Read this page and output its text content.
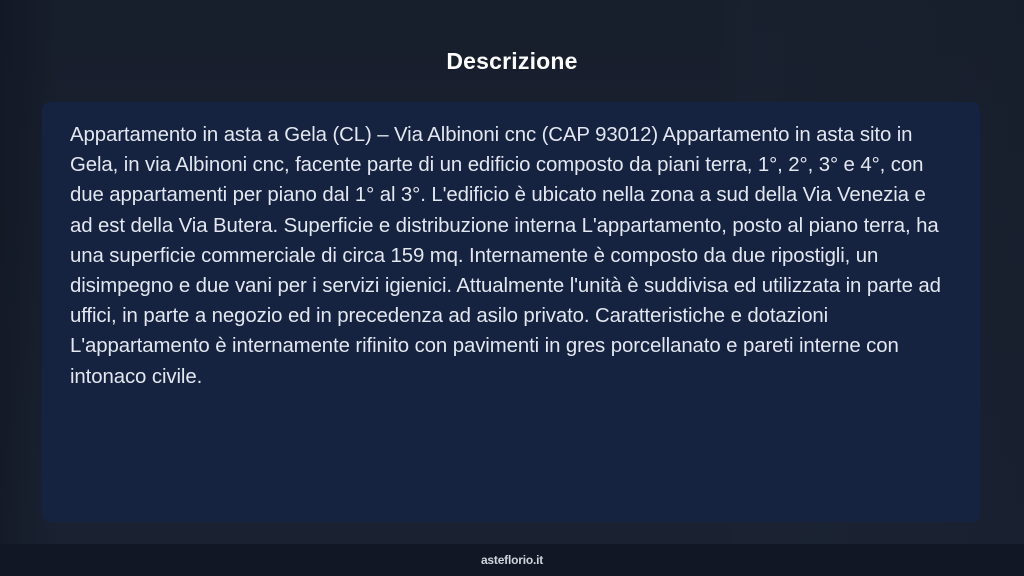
Descrizione

Appartamento in asta a Gela (CL) – Via Albinoni cnc (CAP 93012) Appartamento in asta sito in Gela, in via Albinoni cnc, facente parte di un edificio composto da piani terra, 1°, 2°, 3° e 4°, con due appartamenti per piano dal 1° al 3°. L'edificio è ubicato nella zona a sud della Via Venezia e ad est della Via Butera. Superficie e distribuzione interna L'appartamento, posto al piano terra, ha una superficie commerciale di circa 159 mq. Internamente è composto da due ripostigli, un disimpegno e due vani per i servizi igienici. Attualmente l'unità è suddivisa ed utilizzata in parte ad uffici, in parte a negozio ed in precedenza ad asilo privato. Caratteristiche e dotazioni L'appartamento è internamente rifinito con pavimenti in gres porcellanato e pareti interne con intonaco civile.

asteflorio.it
